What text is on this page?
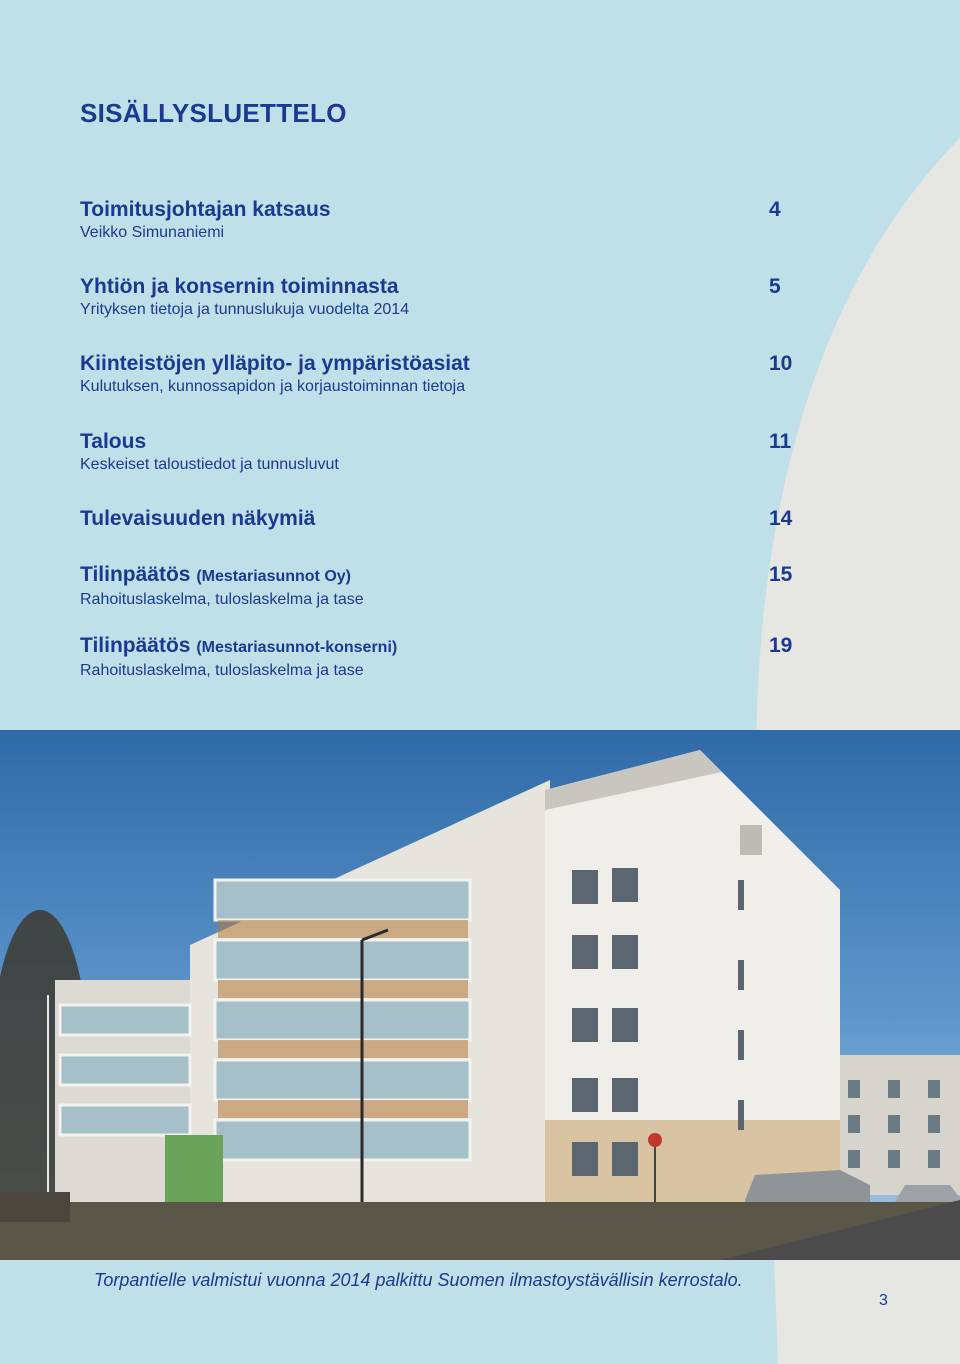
SISÄLLYSLUETTELO
Toimitusjohtajan katsaus
Veikko Simunaniemi
4
Yhtiön ja konsernin toiminnasta
Yrityksen tietoja ja tunnuslukuja vuodelta 2014
5
Kiinteistöjen ylläpito- ja ympäristöasiat
Kulutuksen, kunnossapidon ja korjaustoiminnan tietoja
10
Talous
Keskeiset taloustiedot ja tunnusluvut
11
Tulevaisuuden näkymiä	14
Tilinpäätös (Mestariasunnot Oy)
Rahoituslaskelma, tuloslaskelma ja tase
15
Tilinpäätös (Mestariasunnot-konserni)
Rahoituslaskelma, tuloslaskelma ja tase
19

Torpantielle valmistui vuonna 2014 palkittu Suomen ilmastoystävällisin kerrostalo.

3
